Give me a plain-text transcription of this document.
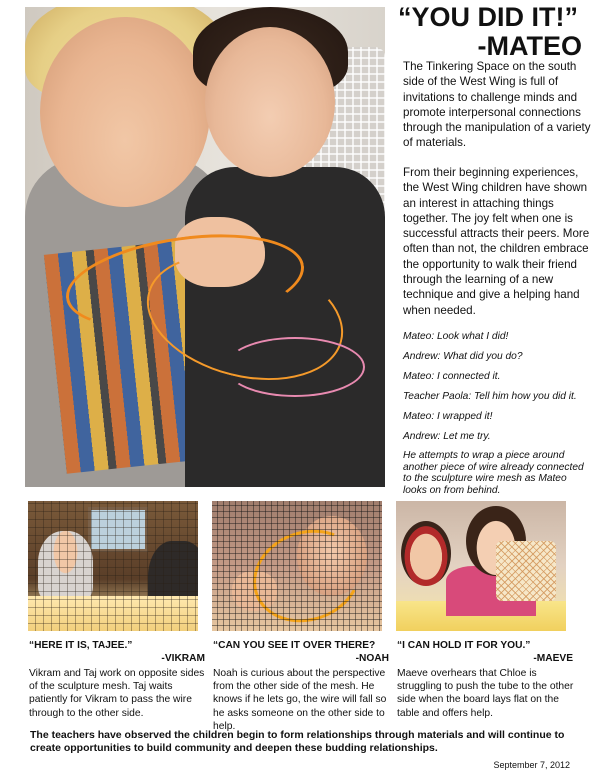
“YOU DID IT!”
-MATEO

The Tinkering Space on the south side of the West Wing is full of invitations to challenge minds and promote interpersonal connections through the manipulation of a variety of materials.

From their beginning experiences, the West Wing children have shown an interest in attaching things together. The joy felt when one is successful attracts their peers. More often than not, the children embrace the opportunity to walk their friend through the learning of a new technique and give a helping hand when needed.

Mateo: Look what I did!
Andrew: What did you do?
Mateo: I connected it.
Teacher Paola: Tell him how you did it.
Mateo: I wrapped it!
Andrew: Let me try.
He attempts to wrap a piece around another piece of wire already connected to the sculpture wire mesh as Mateo looks on from behind.
“HERE IT IS, TAJEE.”
-VIKRAM

Vikram and Taj work on opposite sides of the sculpture mesh. Taj waits patiently for Vikram to pass the wire through to the other side.

“CAN YOU SEE IT OVER THERE?
-NOAH

Noah is curious about the perspective from the other side of the mesh. He knows if he lets go, the wire will fall so he asks someone on the other side to help.

“I CAN HOLD IT FOR YOU.”
-MAEVE

Maeve overhears that Chloe is struggling to push the tube to the other side when the board lays flat on the table and offers help.

The teachers have observed the children begin to form relationships through materials and will continue to create opportunities to build community and deepen these budding relationships.

September 7, 2012
